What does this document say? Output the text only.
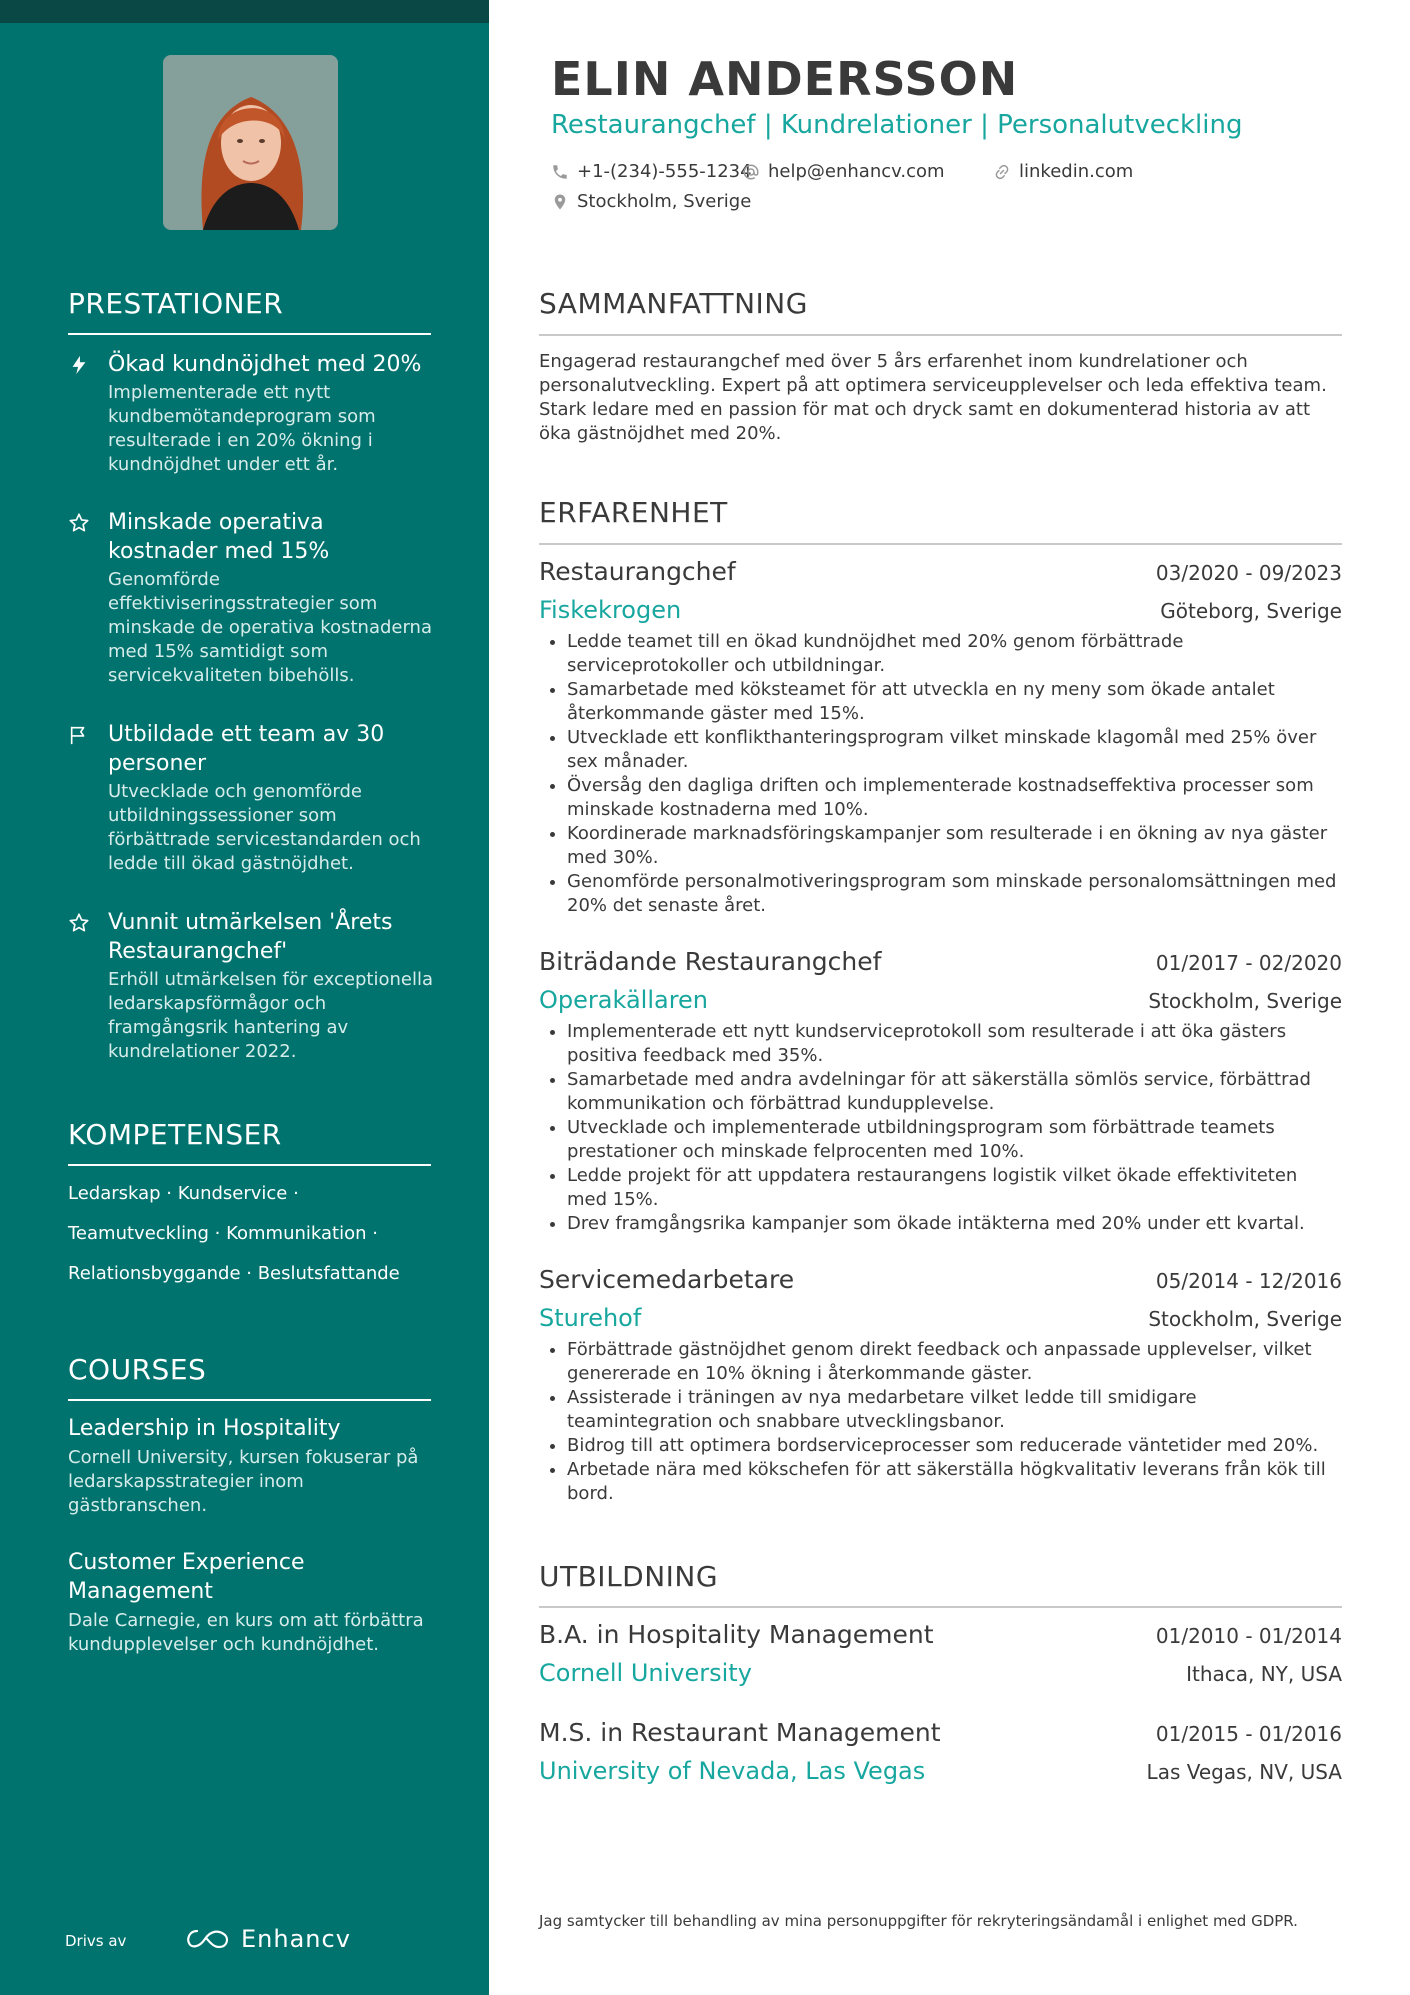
PRESTATIONER
Ökad kundnöjdhet med 20%
Implementerade ett nytt kundbemötandeprogram som resulterade i en 20% ökning i kundnöjdhet under ett år.
Minskade operativa kostnader med 15%
Genomförde effektiviseringsstrategier som minskade de operativa kostnaderna med 15% samtidigt som servicekvaliteten bibehölls.
Utbildade ett team av 30 personer
Utvecklade och genomförde utbildningssessioner som förbättrade servicestandarden och ledde till ökad gästnöjdhet.
Vunnit utmärkelsen 'Årets Restaurangchef'
Erhöll utmärkelsen för exceptionella ledarskapsförmågor och framgångsrik hantering av kundrelationer 2022.
KOMPETENSER
Ledarskap · Kundservice ·
Teamutveckling · Kommunikation ·
Relationsbyggande · Beslutsfattande
COURSES
Leadership in Hospitality
Cornell University, kursen fokuserar på ledarskapsstrategier inom gästbranschen.
Customer Experience Management
Dale Carnegie, en kurs om att förbättra kundupplevelser och kundnöjdhet.
Drivs av	Enhancv
ELIN ANDERSSON
Restaurangchef | Kundrelationer | Personalutveckling
+1-(234)-555-1234 help@enhancv.com	linkedin.com
Stockholm, Sverige
SAMMANFATTNING
Engagerad restaurangchef med över 5 års erfarenhet inom kundrelationer och personalutveckling. Expert på att optimera serviceupplevelser och leda effektiva team. Stark ledare med en passion för mat och dryck samt en dokumenterad historia av att öka gästnöjdhet med 20%.
ERFARENHET
Restaurangchef	03/2020 - 09/2023
Fiskekrogen	Göteborg, Sverige
• Ledde teamet till en ökad kundnöjdhet med 20% genom förbättrade serviceprotokoller och utbildningar.
• Samarbetade med köksteamet för att utveckla en ny meny som ökade antalet återkommande gäster med 15%.
• Utvecklade ett konflikthanteringsprogram vilket minskade klagomål med 25% över sex månader.
• Översåg den dagliga driften och implementerade kostnadseffektiva processer som minskade kostnaderna med 10%.
• Koordinerade marknadsföringskampanjer som resulterade i en ökning av nya gäster med 30%.
• Genomförde personalmotiveringsprogram som minskade personalomsättningen med 20% det senaste året.
Biträdande Restaurangchef	01/2017 - 02/2020
Operakällaren	Stockholm, Sverige
• Implementerade ett nytt kundserviceprotokoll som resulterade i att öka gästers positiva feedback med 35%.
• Samarbetade med andra avdelningar för att säkerställa sömlös service, förbättrad kommunikation och förbättrad kundupplevelse.
• Utvecklade och implementerade utbildningsprogram som förbättrade teamets prestationer och minskade felprocenten med 10%.
• Ledde projekt för att uppdatera restaurangens logistik vilket ökade effektiviteten med 15%.
• Drev framgångsrika kampanjer som ökade intäkterna med 20% under ett kvartal.
Servicemedarbetare	05/2014 - 12/2016
Sturehof	Stockholm, Sverige
• Förbättrade gästnöjdhet genom direkt feedback och anpassade upplevelser, vilket genererade en 10% ökning i återkommande gäster.
• Assisterade i träningen av nya medarbetare vilket ledde till smidigare teamintegration och snabbare utvecklingsbanor.
• Bidrog till att optimera bordserviceprocesser som reducerade väntetider med 20%.
• Arbetade nära med kökschefen för att säkerställa högkvalitativ leverans från kök till bord.
UTBILDNING
B.A. in Hospitality Management	01/2010 - 01/2014
Cornell University	Ithaca, NY, USA
M.S. in Restaurant Management	01/2015 - 01/2016
University of Nevada, Las Vegas	Las Vegas, NV, USA
Jag samtycker till behandling av mina personuppgifter för rekryteringsändamål i enlighet med GDPR.
